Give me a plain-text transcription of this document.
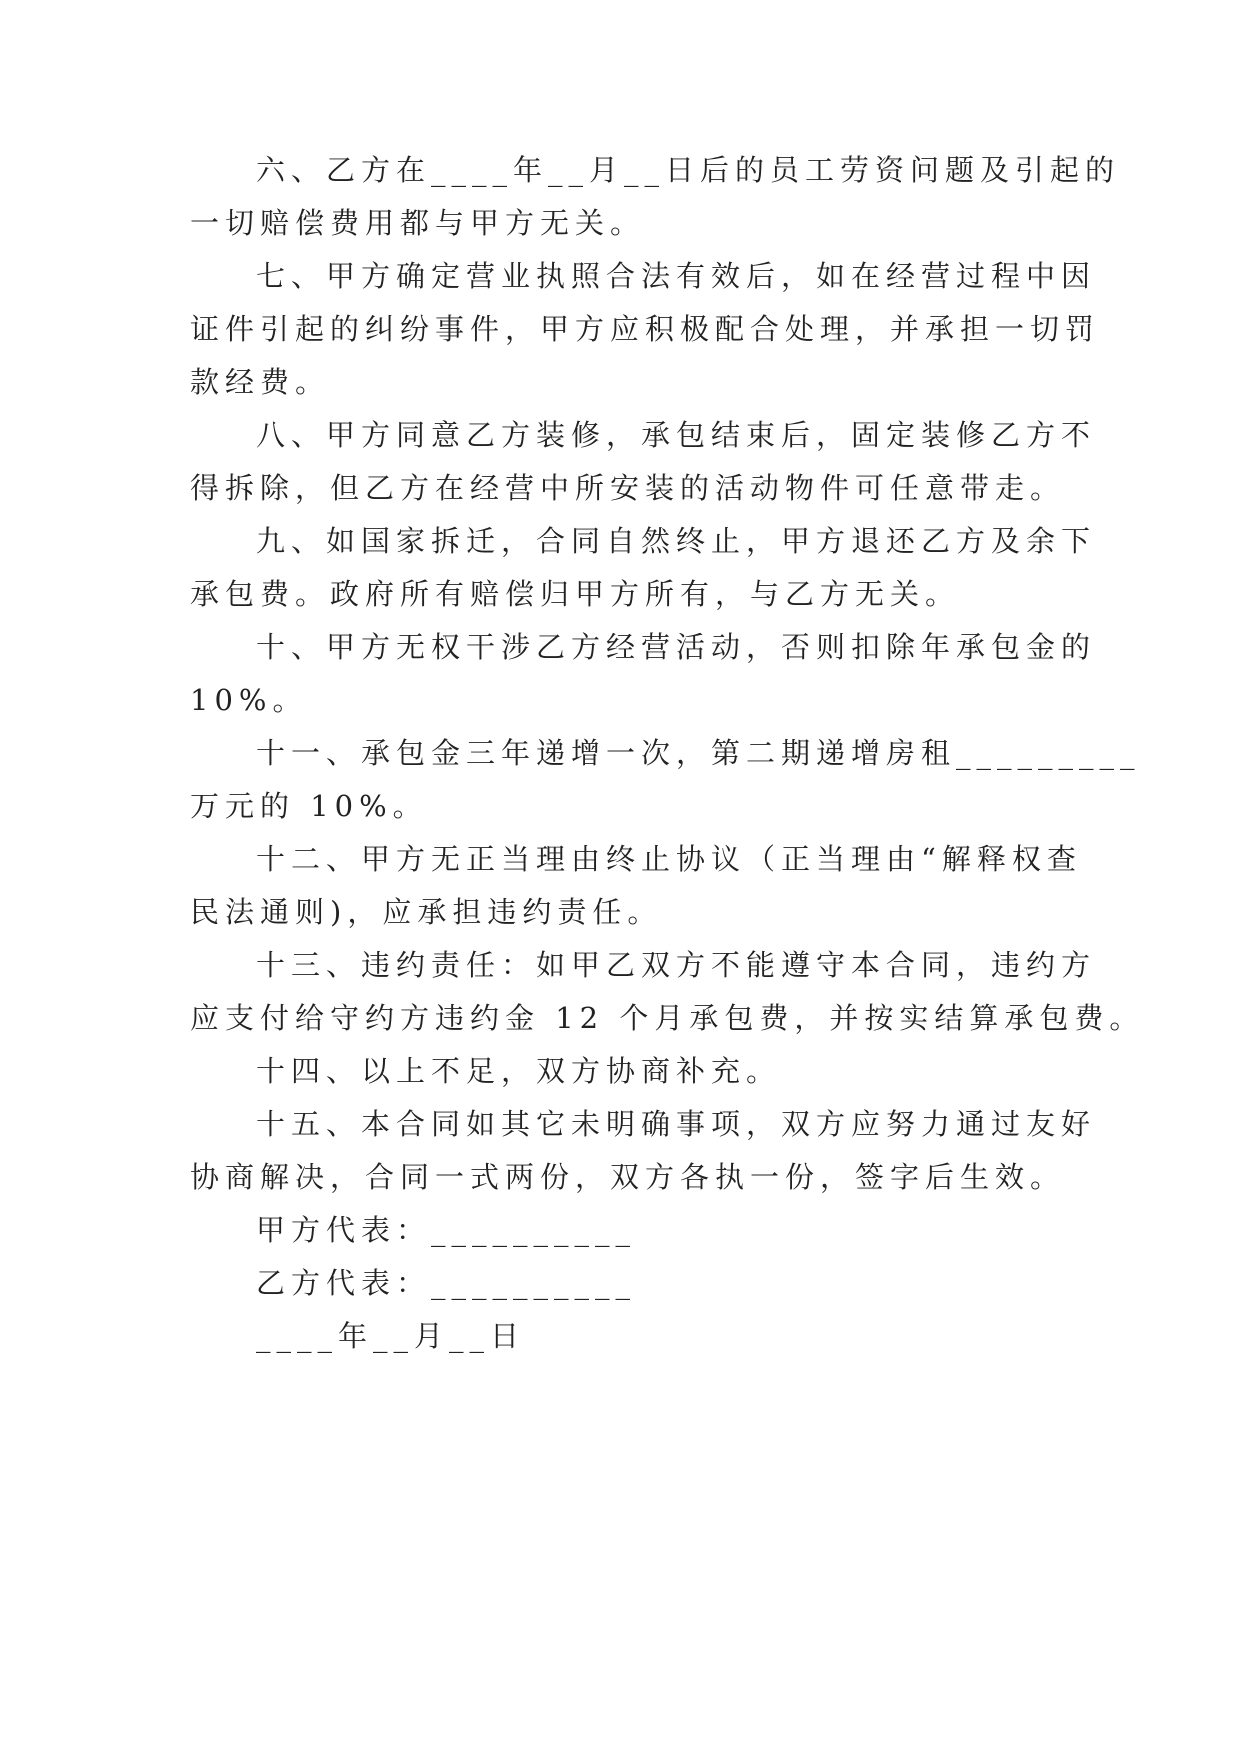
六、乙方在____年__月__日后的员工劳资问题及引起的
一切赔偿费用都与甲方无关。
七、甲方确定营业执照合法有效后，如在经营过程中因
证件引起的纠纷事件，甲方应积极配合处理，并承担一切罚
款经费。
八、甲方同意乙方装修，承包结束后，固定装修乙方不
得拆除，但乙方在经营中所安装的活动物件可任意带走。
九、如国家拆迁，合同自然终止，甲方退还乙方及余下
承包费。政府所有赔偿归甲方所有，与乙方无关。
十、甲方无权干涉乙方经营活动，否则扣除年承包金的
10%。
十一、承包金三年递增一次，第二期递增房租_________
万元的 10%。
十二、甲方无正当理由终止协议（正当理由“解释权查
民法通则)，应承担违约责任。
十三、违约责任：如甲乙双方不能遵守本合同，违约方
应支付给守约方违约金 12 个月承包费，并按实结算承包费。
十四、以上不足，双方协商补充。
十五、本合同如其它未明确事项，双方应努力通过友好
协商解决，合同一式两份，双方各执一份，签字后生效。
甲方代表：__________
乙方代表：__________
____年__月__日
